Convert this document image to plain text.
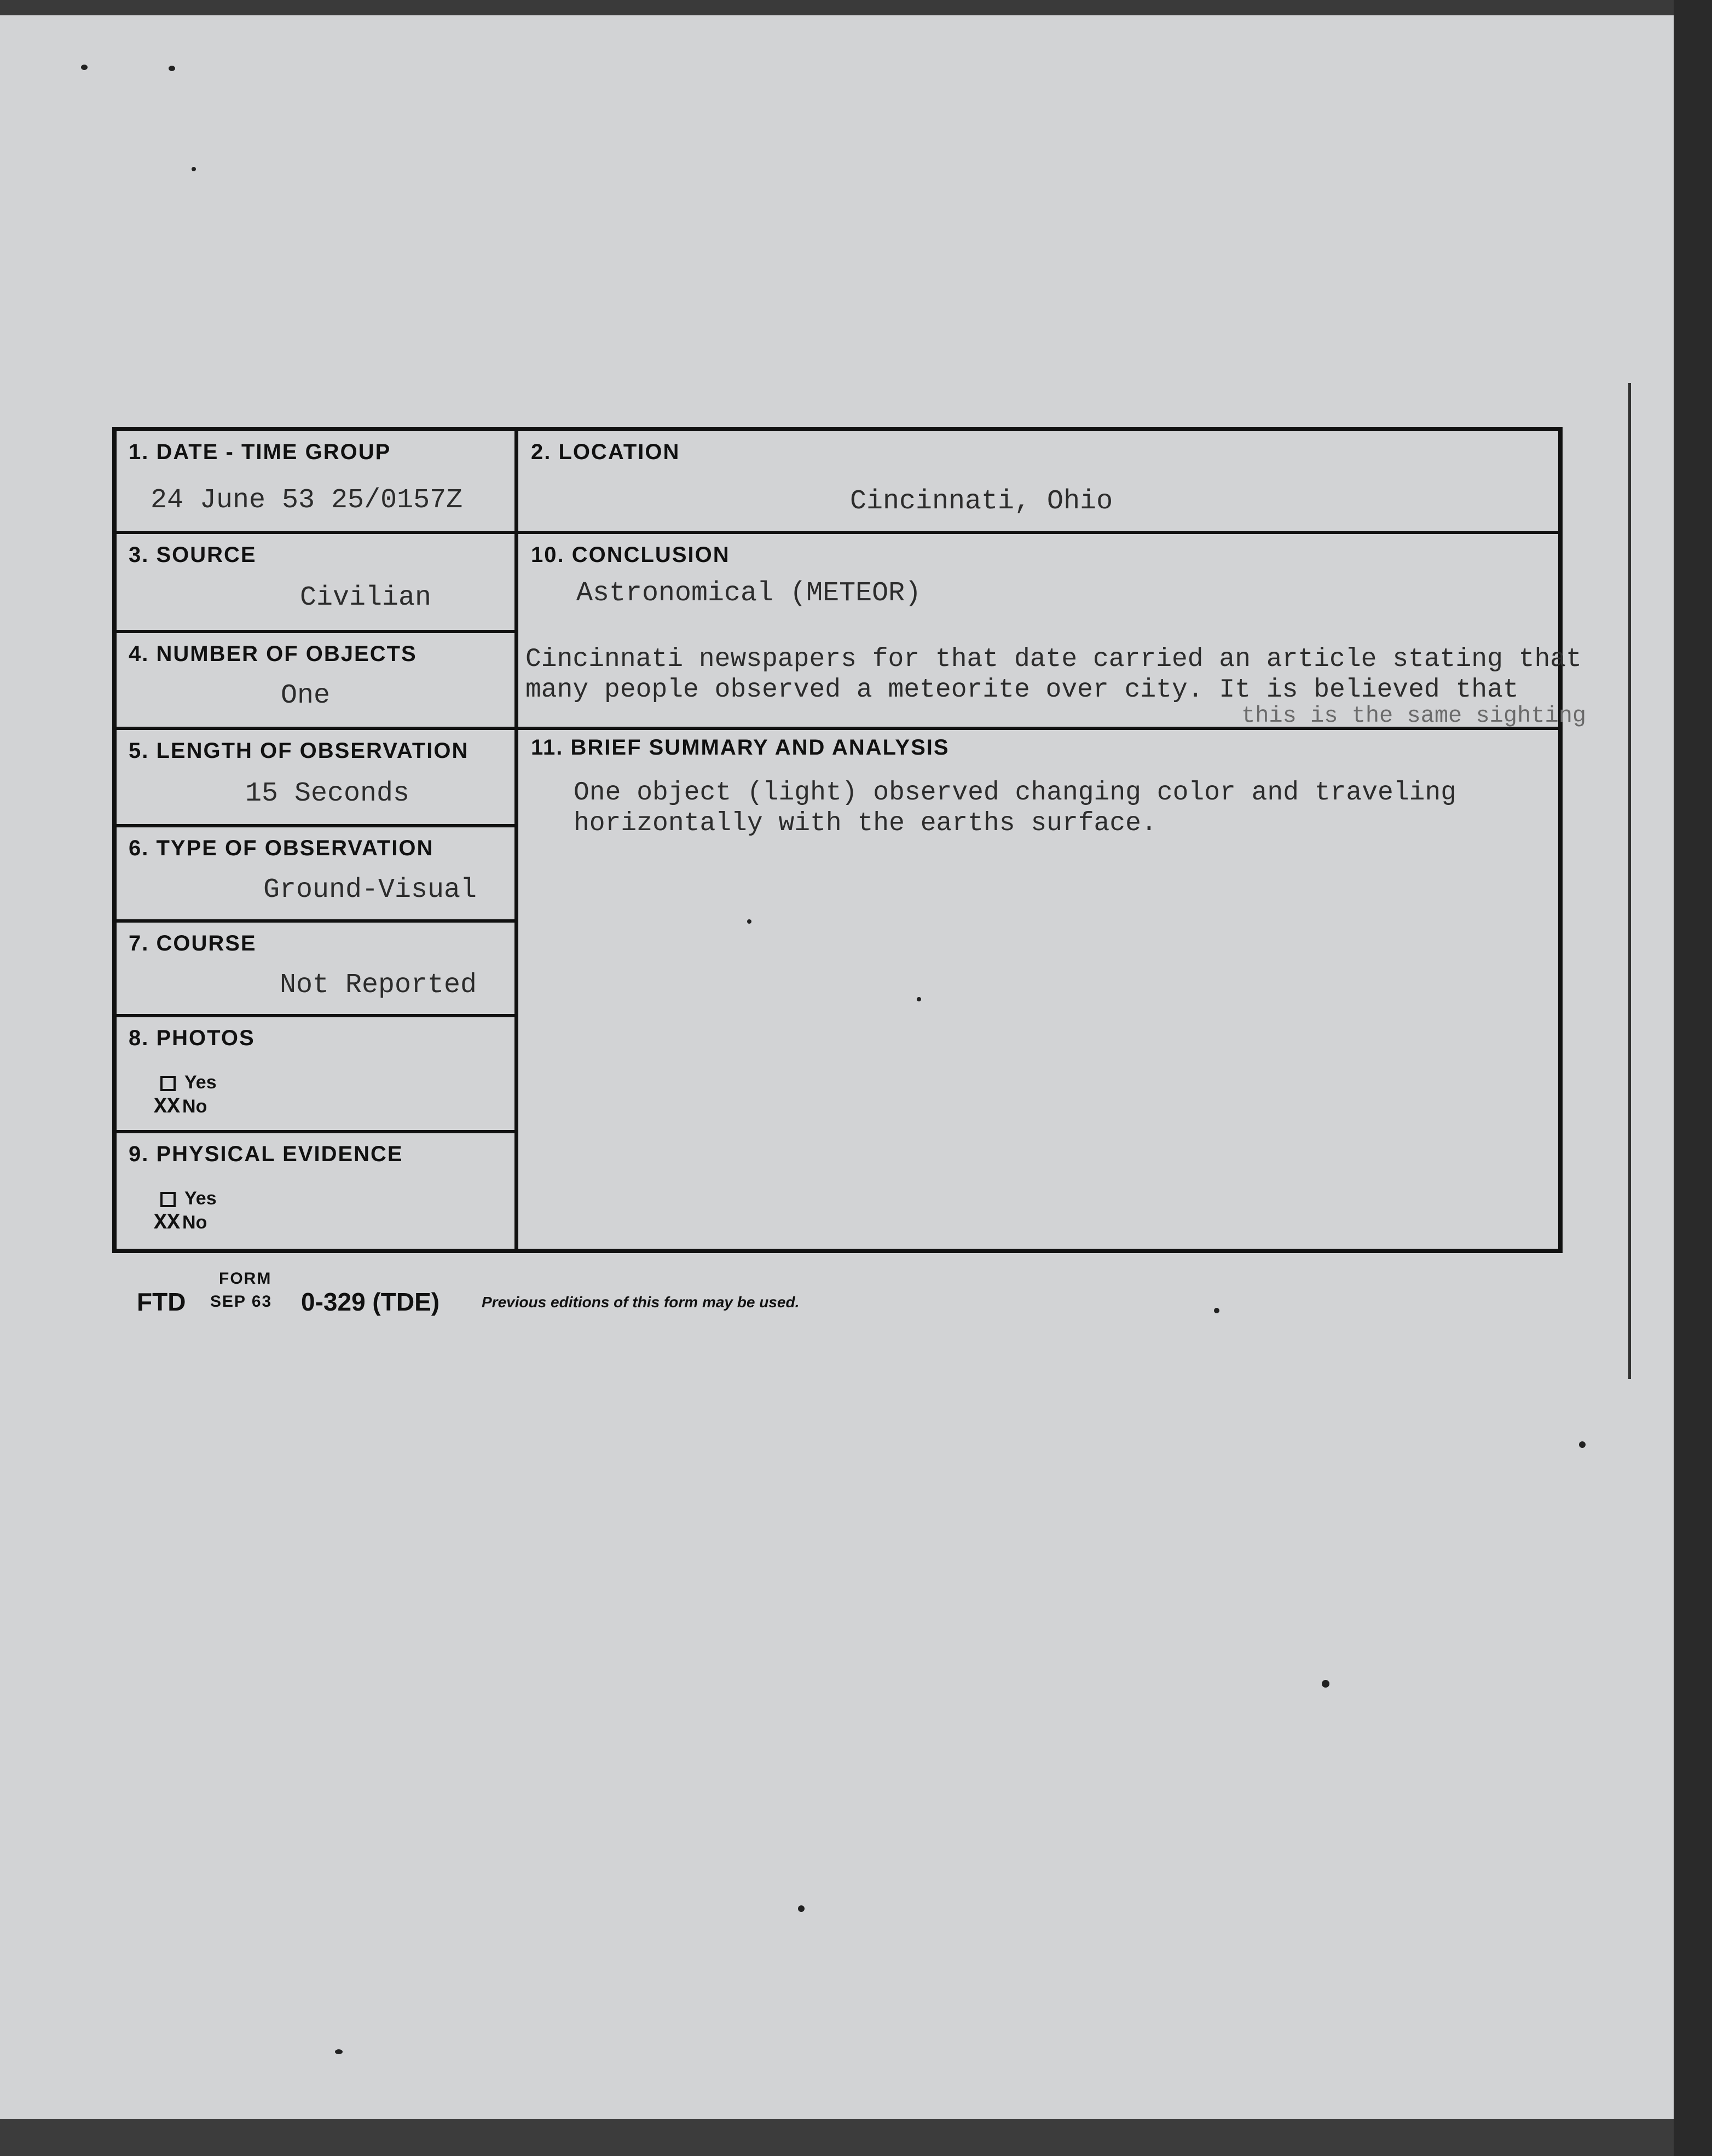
1. DATE - TIME GROUP
24 June 53 25/0157Z
2. LOCATION
Cincinnati, Ohio
3. SOURCE
Civilian
4. NUMBER OF OBJECTS
One
5. LENGTH OF OBSERVATION
15 Seconds
6. TYPE OF OBSERVATION
Ground-Visual
7. COURSE
Not Reported
8. PHOTOS
Yes
XX No
9. PHYSICAL EVIDENCE
Yes
XX No
10. CONCLUSION
Astronomical (METEOR)
Cincinnati newspapers for that date carried an article stating that
many people observed a meteorite over city. It is believed that
this is the same sighting
11. BRIEF SUMMARY AND ANALYSIS
One object (light) observed changing color and traveling
horizontally with the earths surface.
FORM
FTD SEP 63 0-329 (TDE)	Previous editions of this form may be used.
